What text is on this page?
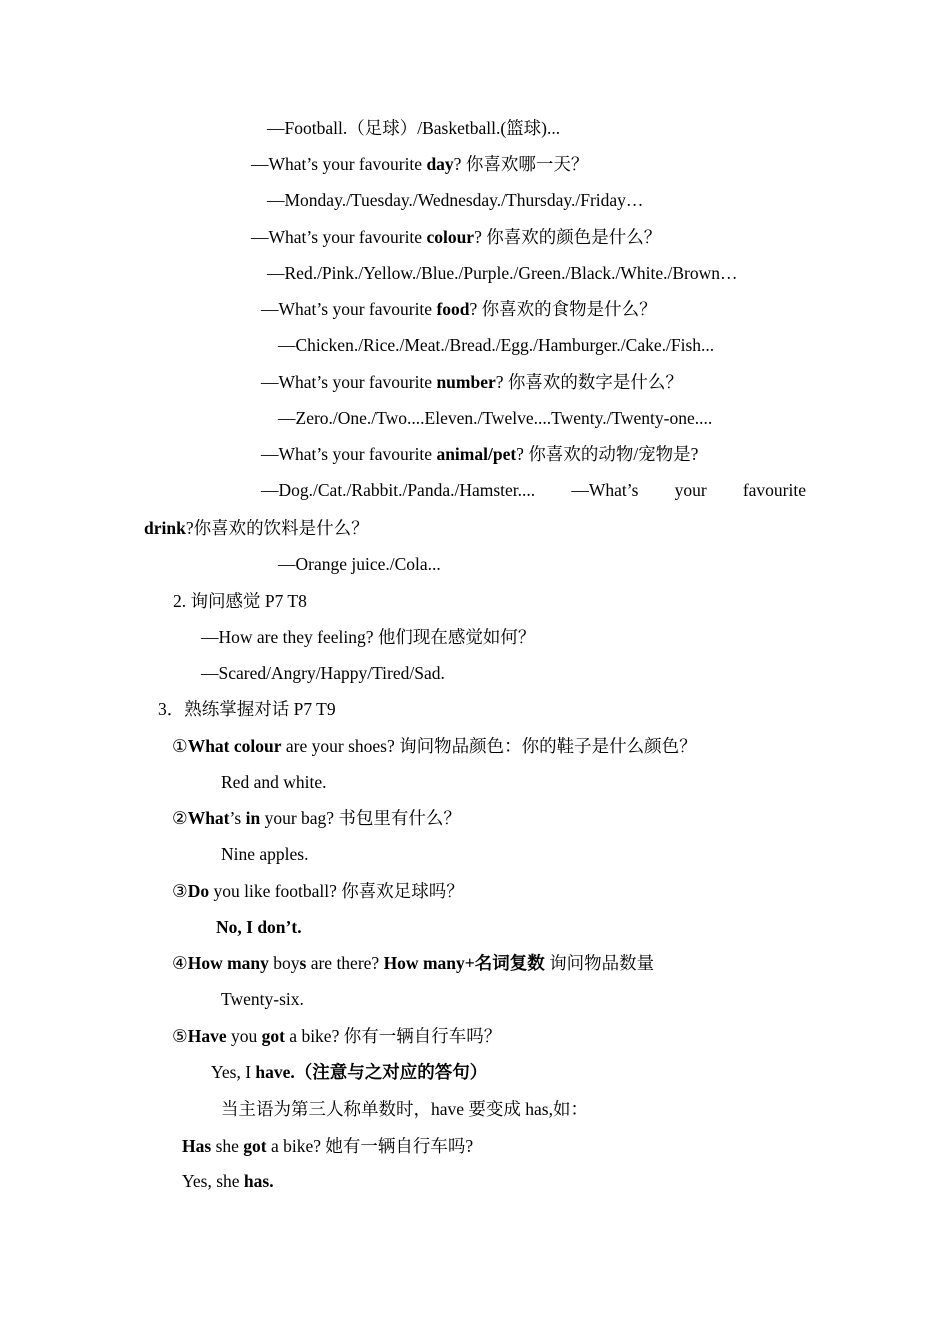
—Football.（足球）/Basketball.(篮球)...
—What’s your favourite day? 你喜欢哪一天？
—Monday./Tuesday./Wednesday./Thursday./Friday…
—What’s your favourite colour? 你喜欢的颜色是什么？
—Red./Pink./Yellow./Blue./Purple./Green./Black./White./Brown…
—What’s your favourite food? 你喜欢的食物是什么？
—Chicken./Rice./Meat./Bread./Egg./Hamburger./Cake./Fish...
—What’s your favourite number? 你喜欢的数字是什么？
—Zero./One./Two....Eleven./Twelve....Twenty./Twenty-one....
—What’s your favourite animal/pet? 你喜欢的动物/宠物是?
—Dog./Cat./Rabbit./Panda./Hamster.... —What’s your favourite
drink?你喜欢的饮料是什么？
—Orange juice./Cola...
2. 询问感觉 P7 T8
—How are they feeling? 他们现在感觉如何？
—Scared/Angry/Happy/Tired/Sad.
3．熟练掌握对话 P7 T9
①What colour are your shoes? 询问物品颜色：你的鞋子是什么颜色？
Red and white.
②What’s in your bag? 书包里有什么？
Nine apples.
③Do you like football? 你喜欢足球吗？
No, I don’t.
④How many boys are there? How many+名词复数 询问物品数量
Twenty-six.
⑤Have you got a bike? 你有一辆自行车吗？
Yes, I have.（注意与之对应的答句）
当主语为第三人称单数时，have 要变成 has,如：
Has she got a bike? 她有一辆自行车吗?
Yes, she has.
